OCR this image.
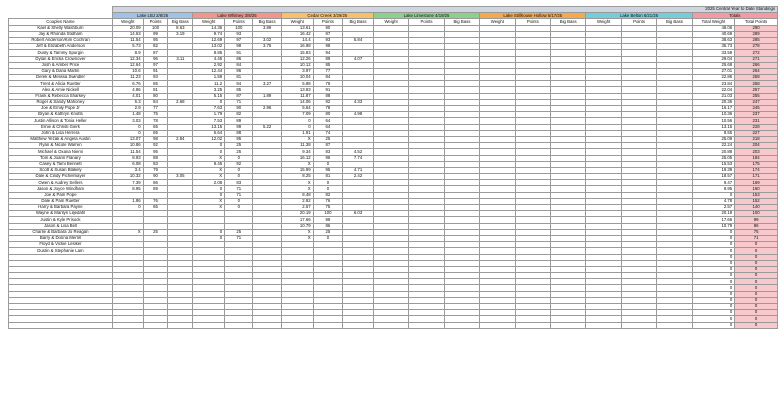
	2025 Central Year to Date Standings																			
	Lake LBJ 2/8/25			Lake Whitney 3/8/25			Cedar Creek 3/29/25			Lake Limestone 4/19/25			Lake Stillhouse Hollow 5/17/25			Lake Belton 6/21/25			Totals	
Couples Name	Weight	Points	Big Bass	Weight	Points	Big Bass	Weight	Points	Big Bass	Weight	Points	Big Bass	Weight	Points	Big Bass	Weight	Points	Big Bass	Total Weight	Total Points
Kael & Shelly Washburn	20.09	100	8.63	14.36	100	3.89	13.61	90											48.06	290
Jay & Rhonda Stidham	14.63	99	3.19	9.74	93		16.42	97											40.69	289
Robert Anderson/Kim Cochran	11.54	95		12.69	97	3.02	14.4	93	5.84										38.63	285
Jeff & Elizabeth Anderson	5.73	82		13.02	98	3.76	16.98	98											35.73	278
Dusty & Tammy Spurgin	8.9	87		8.85	91		15.83	94											33.58	272
Dylan & Ericka Crownover	12.34	96	3.11	4.45	86		12.26	89	4.07										29.04	271
Josh & Amber Price	12.64	97		2.92	84		10.12	85											25.68	266
Gary & Dana Martin	10.6	91		12.44	96		3.97	77											27.01	264
Derek & Melissa Swindler	11.23	93		1.59	81		10.04	84											22.86	258
Trent & Alicia Ruetter	6.76	85		11.2	94	3.27	5.88	79											23.84	258
Alex & Amie Nickell	4.86	81		3.25	85		13.93	91											22.04	257
Frank & Rebecca Sharkey	4.01	80		5.15	87	1.89	11.87	88											21.03	255
Roger & Sandy Mahoney	6.3	84	2.68	0	71		14.06	92	4.33										20.36	247
Joe & Emily Pope Jr	2.9	77		7.63	90	2.96	5.64	78											16.17	245
Bryan & Kathryn Knotts	1.48	75		1.79	82		7.09	80	4.98										10.36	237
Justin Allison & Tonia Heller	3.03	78		7.53	89		0	64											10.56	231
Ernie & Christi Gierk	0	65		13.15	99	5.22	0	64											13.15	228
John & Lisa Herrera	0	65		6.64	88		1.91	74											8.55	227
Matthew Yezak & Angela Austin	13.07	98	2.84	12.02	95		X	25											25.09	218
Ryan & Nicole Warren	10.86	92		0	25		11.38	87											22.24	204
Michael & Oxana Niemi	11.54	95		0	25		9.34	83	4.52										20.88	203
Tom & Joann Flanary	8.93	88		X	0		16.12	96	7.74										25.05	184
Casey & Tami Bennett	6.08	83		9.45	92		X	0											15.53	175
Scott & Susan Blakely	3.4	79		X	0		15.99	95	4.71										19.39	174
Dale & Cindy Pichelmayer	10.32	90	3.05	X	0		8.25	81	2.42										18.57	171
Owen & Audrey Sellers	7.39	86		2.08	83		X	0											9.47	169
Jason & Joyce Windham	8.95	89		0	71		X	0											8.95	160
Joe & Pam Pope				0	71		8.48	82											0	153
Dale & Pam Ruetter	1.86	76		X	0		2.92	76											4.78	152
Harry & Barbara Payne	0	65		X	0		2.57	75											2.57	140
Wayne & Marilyn Liljedahl							20.19	100	6.03										20.19	100
Justin & Kyle Prisock							17.66	99											17.66	99
Jason & Lisa Bell							10.79	86											10.79	86
Charlie & Barbara Jo Reagan	X	25		0	25		X	25											0	75
Barry & Donna Merrill				0	71		X	0											0	71
Floyd & Vickie Lesiker																			0	0
Dustin & Stephanie Lam																			0	0
																			0	0
																			0	0
																			0	0
																			0	0
																			0	0
																			0	0
																			0	0
																			0	0
																			0	0
																			0	0
																			0	0
																			0	0
